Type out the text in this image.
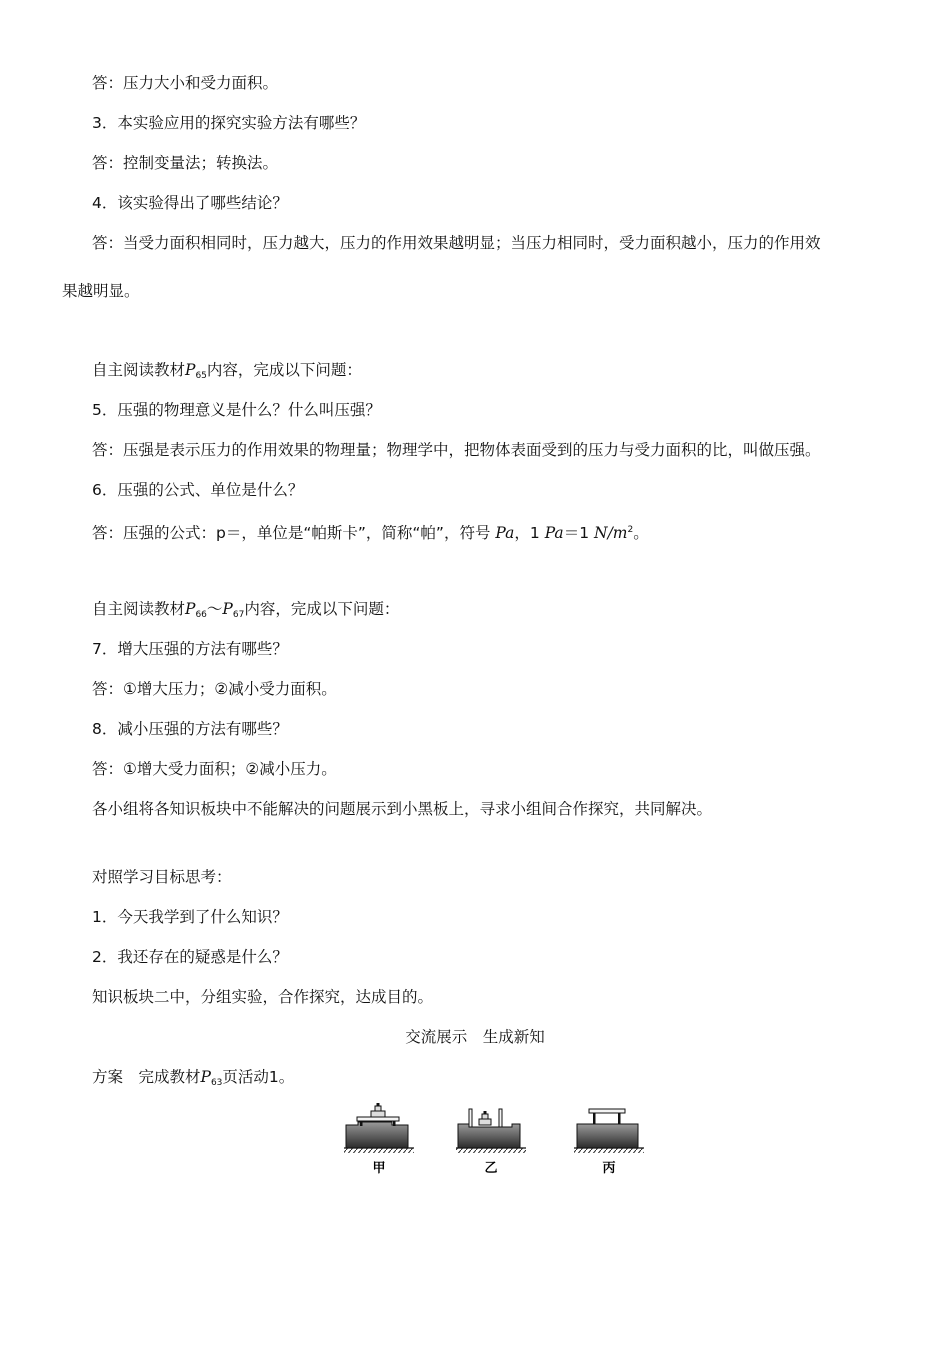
答：压力大小和受力面积。
3．本实验应用的探究实验方法有哪些？
答：控制变量法；转换法。
4．该实验得出了哪些结论？
答：当受力面积相同时，压力越大，压力的作用效果越明显；当压力相同时，受力面积越小，压力的作用效
果越明显。
自主阅读教材$P_{65}$内容，完成以下问题：
5．压强的物理意义是什么？什么叫压强？
答：压强是表示压力的作用效果的物理量；物理学中，把物体表面受到的压力与受力面积的比，叫做压强。
6．压强的公式、单位是什么？
答：压强的公式：p＝，单位是“帕斯卡”，简称“帕”，符号 Pa，1 Pa＝1 $N/m^2$。
自主阅读教材$P_{66}\sim P_{67}$内容，完成以下问题：
7．增大压强的方法有哪些？
答：①增大压力；②减小受力面积。
8．减小压强的方法有哪些？
答：①增大受力面积；②减小压力。
各小组将各知识板块中不能解决的问题展示到小黑板上，寻求小组间合作探究，共同解决。
对照学习目标思考：
1．今天我学到了什么知识？
2．我还存在的疑惑是什么？
知识板块二中，分组实验，合作探究，达成目的。
交流展示　生成新知
方案　完成教材$P_{63}$页活动1。
甲	乙	丙
